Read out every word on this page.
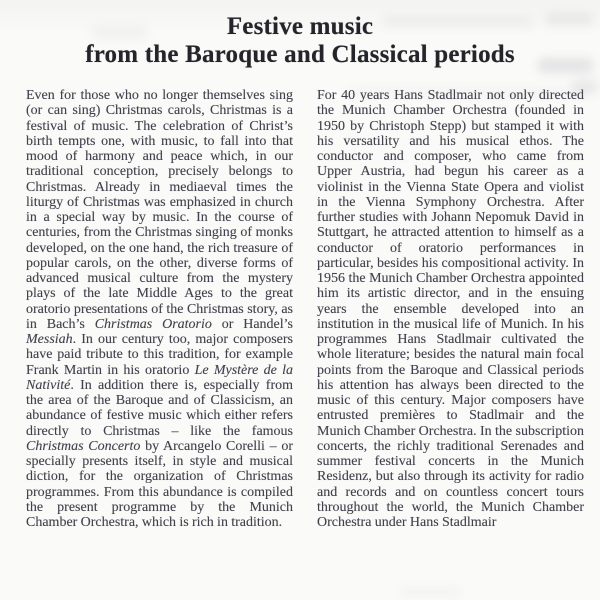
Festive music
from the Baroque and Classical periods

Even for those who no longer themselves sing (or can sing) Christmas carols, Christmas is a festival of music. The celebration of Christ’s birth tempts one, with music, to fall into that mood of harmony and peace which, in our traditional conception, precisely belongs to Christmas. Already in mediaeval times the liturgy of Christmas was emphasized in church in a special way by music. In the course of centuries, from the Christmas singing of monks developed, on the one hand, the rich treasure of popular carols, on the other, diverse forms of advanced musical culture from the mystery plays of the late Middle Ages to the great oratorio presentations of the Christmas story, as in Bach’s Christmas Oratorio or Handel’s Messiah. In our century too, major composers have paid tribute to this tradition, for example Frank Martin in his oratorio Le Mystère de la Nativité. In addition there is, especially from the area of the Baroque and of Classicism, an abundance of festive music which either refers directly to Christmas – like the famous Christmas Concerto by Arcangelo Corelli – or specially presents itself, in style and musical diction, for the organization of Christmas programmes. From this abundance is compiled the present programme by the Munich Chamber Orchestra, which is rich in tradition.

For 40 years Hans Stadlmair not only directed the Munich Chamber Orchestra (founded in 1950 by Christoph Stepp) but stamped it with his versatility and his musical ethos. The conductor and composer, who came from Upper Austria, had begun his career as a violinist in the Vienna State Opera and violist in the Vienna Symphony Orchestra. After further studies with Johann Nepomuk David in Stuttgart, he attracted attention to himself as a conductor of oratorio performances in particular, besides his compositional activity. In 1956 the Munich Chamber Orchestra appointed him its artistic director, and in the ensuing years the ensemble developed into an institution in the musical life of Munich. In his programmes Hans Stadlmair cultivated the whole literature; besides the natural main focal points from the Baroque and Classical periods his attention has always been directed to the music of this century. Major composers have entrusted premières to Stadlmair and the Munich Chamber Orchestra. In the subscription concerts, the richly traditional Serenades and summer festival concerts in the Munich Residenz, but also through its activity for radio and records and on countless concert tours throughout the world, the Munich Chamber Orchestra under Hans Stadlmair
